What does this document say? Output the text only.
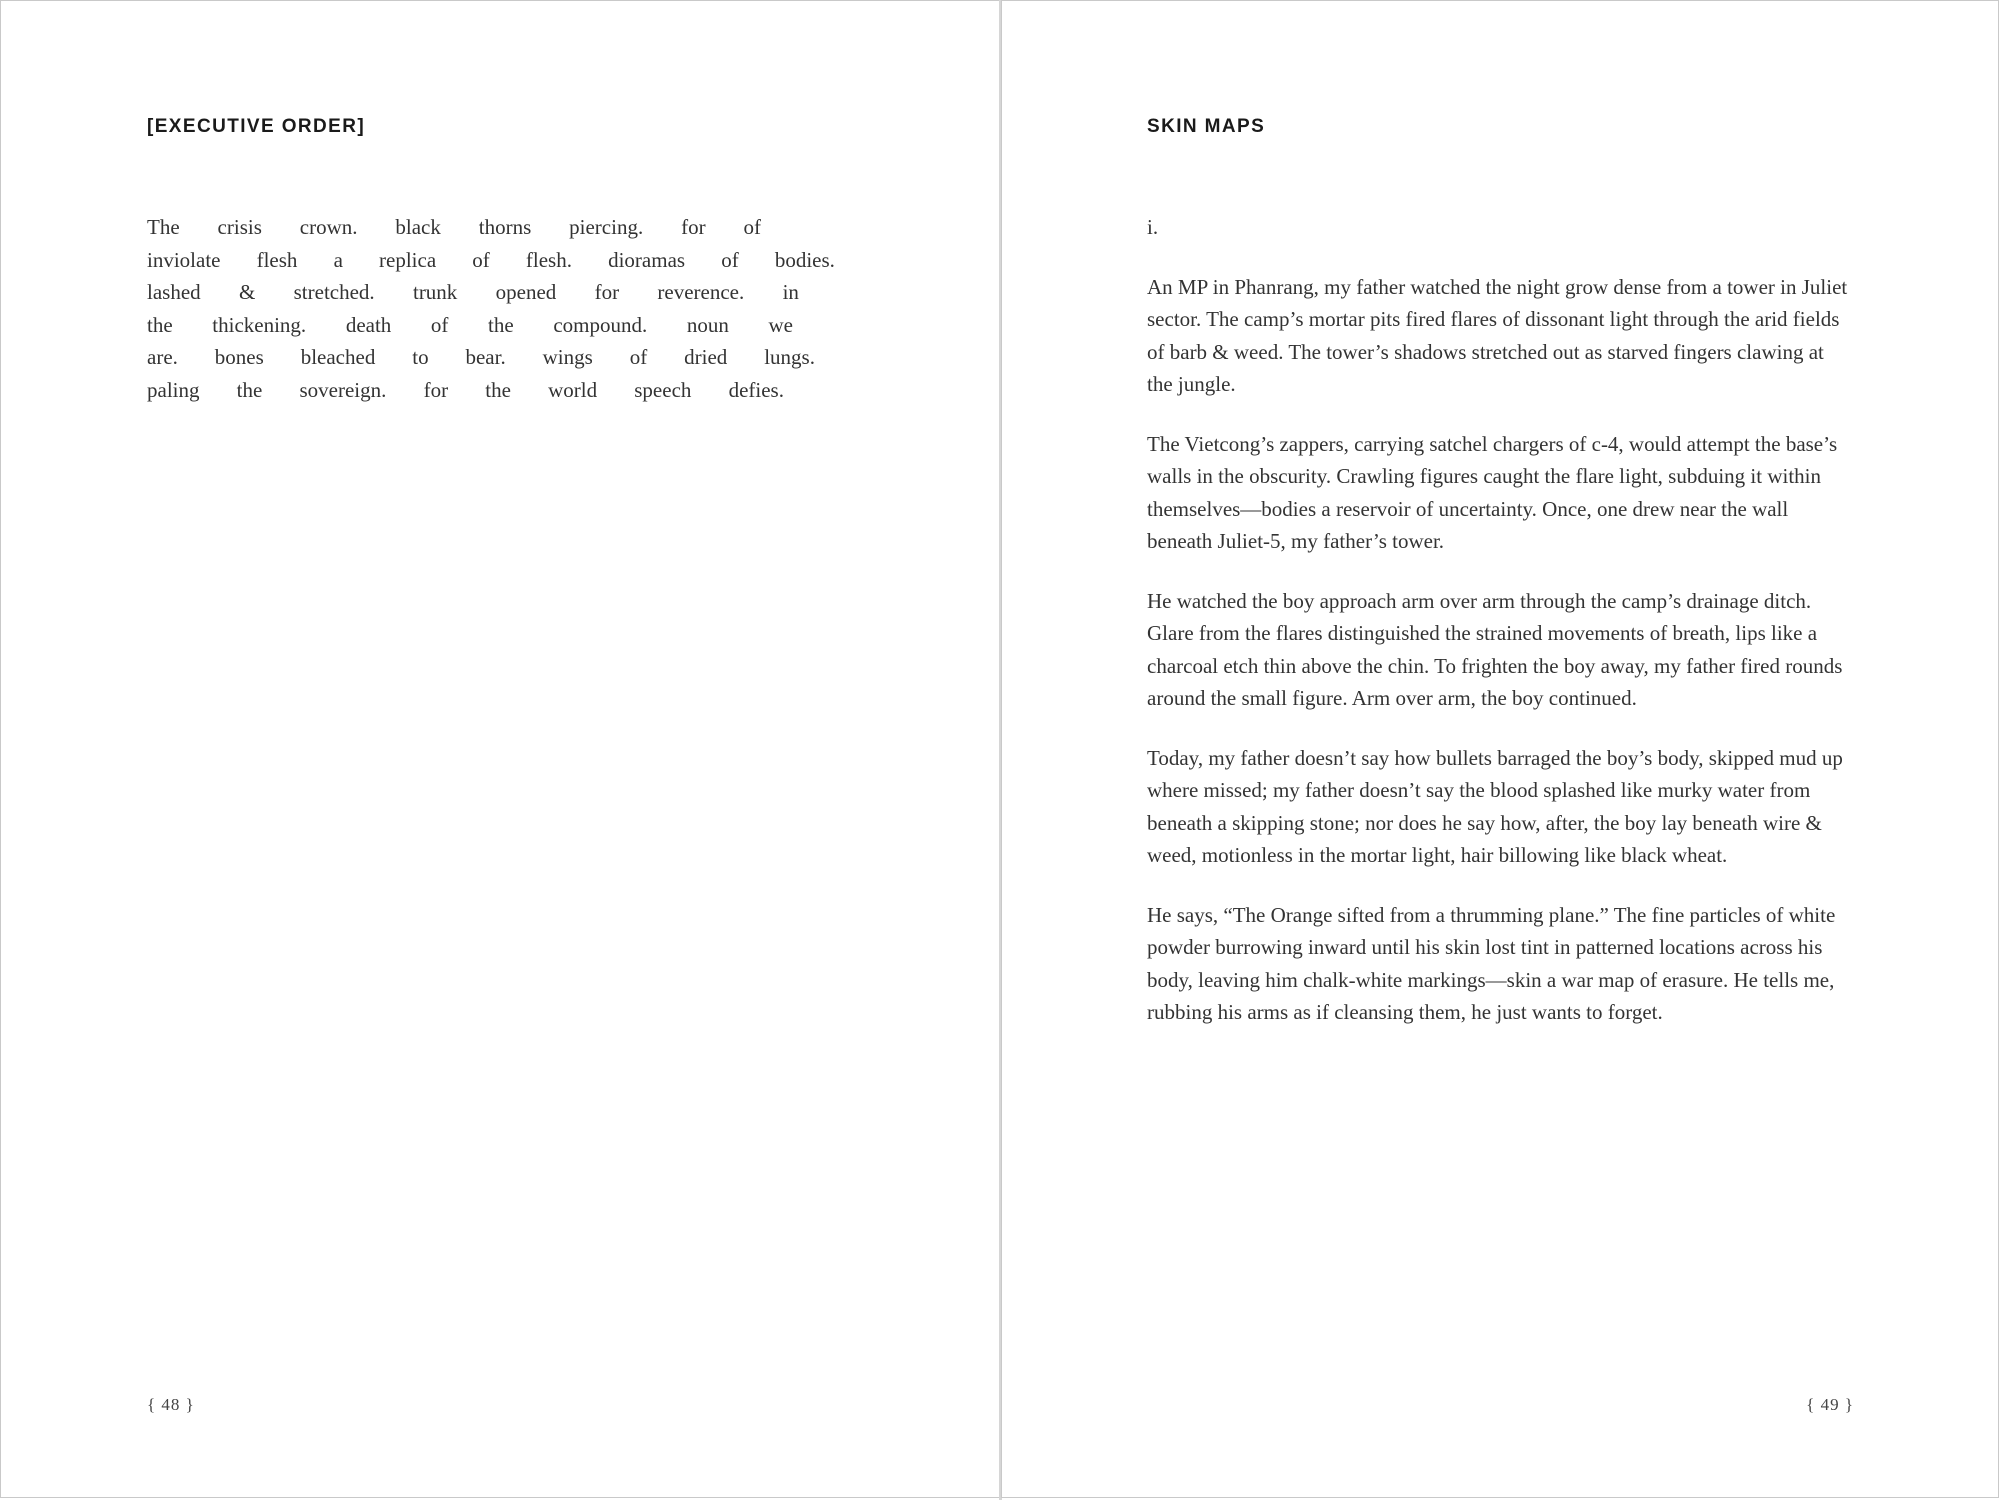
[EXECUTIVE ORDER]
The crisis crown. black thorns piercing. for of
inviolate flesh a replica of flesh. dioramas of bodies.
lashed & stretched. trunk opened for reverence. in
the thickening. death of the compound. noun we
are. bones bleached to bear. wings of dried lungs.
paling the sovereign. for the world speech defies.
{ 48 }
SKIN MAPS

i.

An MP in Phanrang, my father watched the night grow dense from a tower in Juliet sector. The camp’s mortar pits fired flares of dissonant light through the arid fields of barb & weed. The tower’s shadows stretched out as starved fingers clawing at the jungle.

The Vietcong’s zappers, carrying satchel chargers of c-4, would attempt the base’s walls in the obscurity. Crawling figures caught the flare light, subduing it within themselves—bodies a reservoir of uncertainty. Once, one drew near the wall beneath Juliet-5, my father’s tower.

He watched the boy approach arm over arm through the camp’s drainage ditch. Glare from the flares distinguished the strained movements of breath, lips like a charcoal etch thin above the chin. To frighten the boy away, my father fired rounds around the small figure. Arm over arm, the boy continued.

Today, my father doesn’t say how bullets barraged the boy’s body, skipped mud up where missed; my father doesn’t say the blood splashed like murky water from beneath a skipping stone; nor does he say how, after, the boy lay beneath wire & weed, motionless in the mortar light, hair billowing like black wheat.

He says, “The Orange sifted from a thrumming plane.” The fine particles of white powder burrowing inward until his skin lost tint in patterned locations across his body, leaving him chalk-white markings—skin a war map of erasure. He tells me, rubbing his arms as if cleansing them, he just wants to forget.

{ 49 }
